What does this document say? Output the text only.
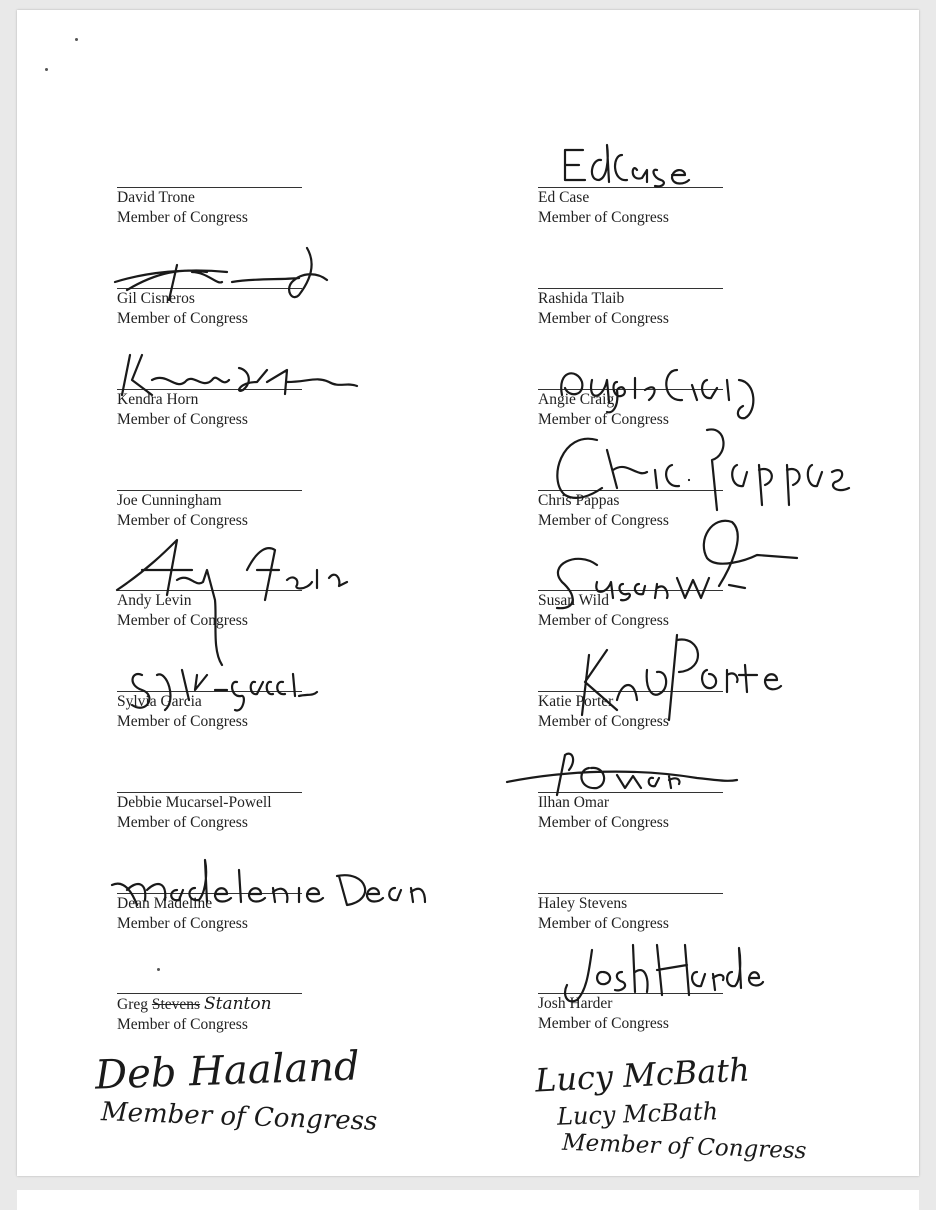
David Trone
Member of Congress
Gil Cisneros
Member of Congress
Kendra Horn
Member of Congress
Joe Cunningham
Member of Congress
Andy Levin
Member of Congress
Sylvia Garcia
Member of Congress
Debbie Mucarsel-Powell
Member of Congress
Dean Madeline
Member of Congress
Greg Stevens Stanton
Member of Congress
Ed Case
Member of Congress
Rashida Tlaib
Member of Congress
Angie Craig
Member of Congress
Chris Pappas
Member of Congress
Susan Wild
Member of Congress
Katie Porter
Member of Congress
Ilhan Omar
Member of Congress
Haley Stevens
Member of Congress
Josh Harder
Member of Congress
Deb Haaland
Member of Congress
Lucy McBath
Lucy McBath
Member of Congress
